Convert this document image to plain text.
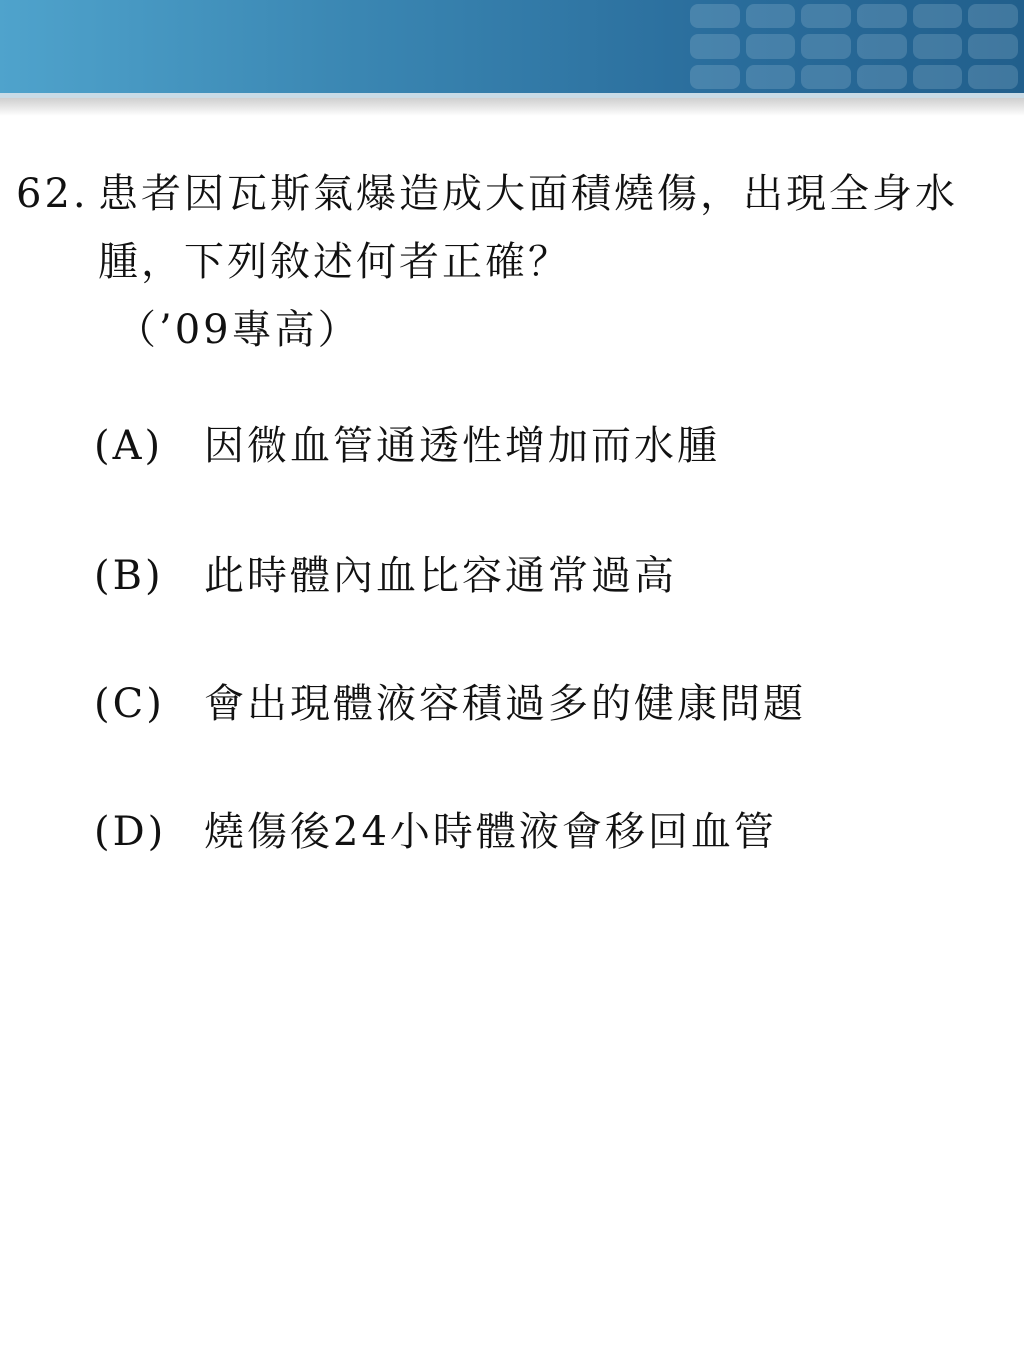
62. 患者因瓦斯氣爆造成大面積燒傷，出現全身水腫，下列敘述何者正確？
（’09專高）
(A) 因微血管通透性增加而水腫
(B) 此時體內血比容通常過高
(C) 會出現體液容積過多的健康問題
(D) 燒傷後24小時體液會移回血管
